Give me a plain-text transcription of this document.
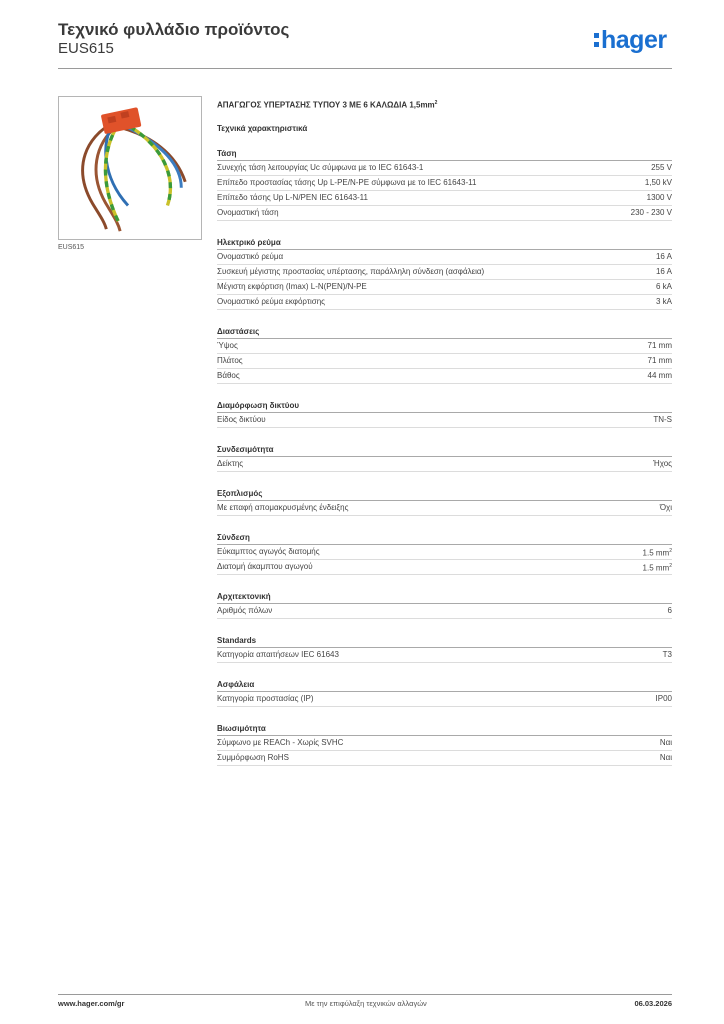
Τεχνικό φυλλάδιο προϊόντος
EUS615	hager
EUS615
ΑΠΑΓΩΓΟΣ ΥΠΕΡΤΑΣΗΣ ΤΥΠΟΥ 3 ΜΕ 6 ΚΑΛΩΔΙΑ $1,5mm^2$
Τεχνικά χαρακτηριστικά
Τάση
Συνεχής τάση λειτουργίας Uc σύμφωνα με το IEC 61643-1	255 V
Επίπεδο προστασίας τάσης Up L-PE/N-PE σύμφωνα με το IEC 61643-11	1,50 kV
Επίπεδο τάσης Up L-N/PEN IEC 61643-11	1300 V
Ονομαστική τάση	230 - 230 V
Ηλεκτρικό ρεύμα
Ονομαστικό ρεύμα	16 A
Συσκευή μέγιστης προστασίας υπέρτασης, παράλληλη σύνδεση (ασφάλεια)	16 A
Μέγιστη εκφόρτιση (Imax) L-N(PEN)/N-PE	6 kA
Ονομαστικό ρεύμα εκφόρτισης	3 kA
Διαστάσεις
Ύψος	71 mm
Πλάτος	71 mm
Βάθος	44 mm
Διαμόρφωση δικτύου
Είδος δικτύου	TN-S
Συνδεσιμότητα
Δείκτης	Ήχος
Εξοπλισμός
Με επαφή απομακρυσμένης ένδειξης	Όχι
Σύνδεση
Εύκαμπτος αγωγός διατομής	1.5 $mm^2$
Διατομή άκαμπτου αγωγού	1.5 $mm^2$
Αρχιτεκτονική
Αριθμός πόλων	6
Standards
Κατηγορία απαιτήσεων IEC 61643	T3
Ασφάλεια
Κατηγορία προστασίας (IP)	IP00
Βιωσιμότητα
Σύμφωνο με REACh - Χωρίς SVHC	Ναι
Συμμόρφωση RoHS	Ναι
www.hager.com/gr	Με την επιφύλαξη τεχνικών αλλαγών	06.03.2026
